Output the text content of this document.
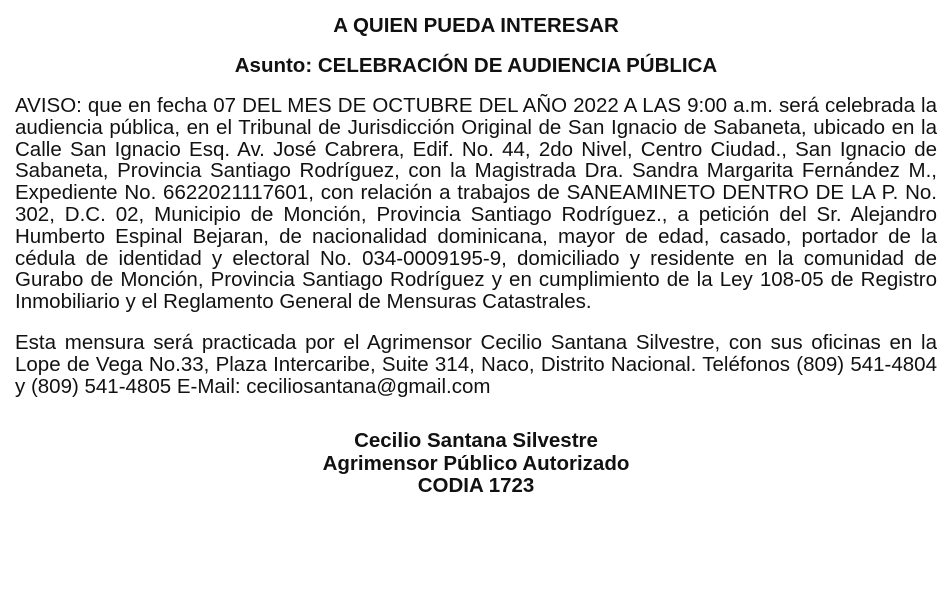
A QUIEN PUEDA INTERESAR
Asunto: CELEBRACIÓN DE AUDIENCIA PÚBLICA

AVISO: que en fecha 07 DEL MES DE OCTUBRE DEL AÑO 2022 A LAS 9:00 a.m. será celebrada la audiencia pública, en el Tribunal de Jurisdicción Original de San Ignacio de Sabaneta, ubicado en la Calle San Ignacio Esq. Av. José Cabrera, Edif. No. 44, 2do Nivel, Centro Ciudad., San Ignacio de Sabaneta, Provincia Santiago Rodríguez, con la Magistrada Dra. Sandra Margarita Fernández M., Expediente No. 6622021117601, con relación a trabajos de SANEAMINETO DENTRO DE LA P. No. 302, D.C. 02, Municipio de Monción, Provincia Santiago Rodríguez., a petición del Sr. Alejandro Humberto Espinal Bejaran, de nacionalidad dominicana, mayor de edad, casado, portador de la cédula de identidad y electoral No. 034-0009195-9, domiciliado y residente en la comunidad de Gurabo de Monción, Provincia Santiago Rodríguez y en cumplimiento de la Ley 108-05 de Registro Inmobiliario y el Reglamento General de Mensuras Catastrales.

Esta mensura será practicada por el Agrimensor Cecilio Santana Silvestre, con sus oficinas en la Lope de Vega No.33, Plaza Intercaribe, Suite 314, Naco, Distrito Nacional. Teléfonos (809) 541-4804 y (809) 541-4805 E-Mail: ceciliosantana@gmail.com

Cecilio Santana Silvestre
Agrimensor Público Autorizado
CODIA 1723
